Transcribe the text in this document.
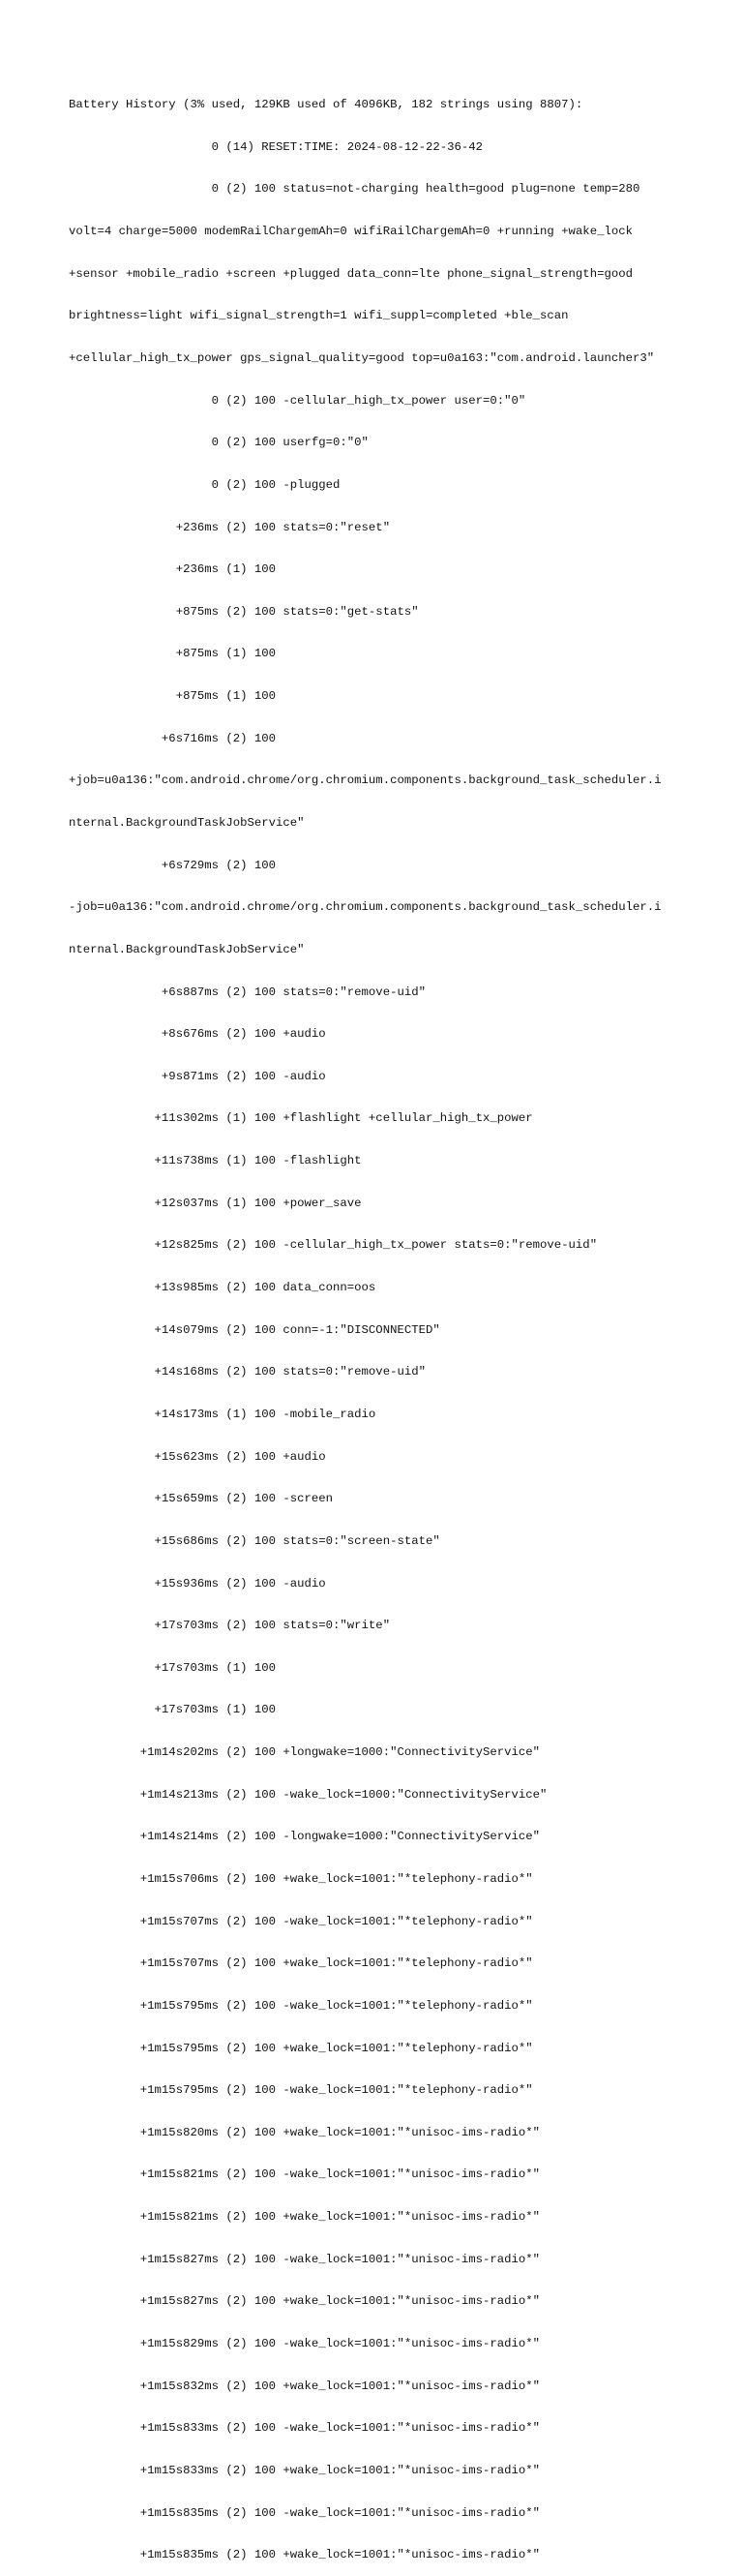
Battery History (3% used, 129KB used of 4096KB, 182 strings using 8807):

0 (14) RESET:TIME: 2024-08-12-22-36-42

0 (2) 100 status=not-charging health=good plug=none temp=280

volt=4 charge=5000 modemRailChargemAh=0 wifiRailChargemAh=0 +running +wake_lock

+sensor +mobile_radio +screen +plugged data_conn=lte phone_signal_strength=good

brightness=light wifi_signal_strength=1 wifi_suppl=completed +ble_scan

+cellular_high_tx_power gps_signal_quality=good top=u0a163:"com.android.launcher3"

0 (2) 100 -cellular_high_tx_power user=0:"0"

0 (2) 100 userfg=0:"0"

0 (2) 100 -plugged

+236ms (2) 100 stats=0:"reset"

+236ms (1) 100

+875ms (2) 100 stats=0:"get-stats"

+875ms (1) 100

+875ms (1) 100

+6s716ms (2) 100

+job=u0a136:"com.android.chrome/org.chromium.components.background_task_scheduler.i

nternal.BackgroundTaskJobService"

+6s729ms (2) 100

-job=u0a136:"com.android.chrome/org.chromium.components.background_task_scheduler.i

nternal.BackgroundTaskJobService"

+6s887ms (2) 100 stats=0:"remove-uid"

+8s676ms (2) 100 +audio

+9s871ms (2) 100 -audio

+11s302ms (1) 100 +flashlight +cellular_high_tx_power

+11s738ms (1) 100 -flashlight

+12s037ms (1) 100 +power_save

+12s825ms (2) 100 -cellular_high_tx_power stats=0:"remove-uid"

+13s985ms (2) 100 data_conn=oos

+14s079ms (2) 100 conn=-1:"DISCONNECTED"

+14s168ms (2) 100 stats=0:"remove-uid"

+14s173ms (1) 100 -mobile_radio

+15s623ms (2) 100 +audio

+15s659ms (2) 100 -screen

+15s686ms (2) 100 stats=0:"screen-state"

+15s936ms (2) 100 -audio

+17s703ms (2) 100 stats=0:"write"

+17s703ms (1) 100

+17s703ms (1) 100

+1m14s202ms (2) 100 +longwake=1000:"ConnectivityService"

+1m14s213ms (2) 100 -wake_lock=1000:"ConnectivityService"

+1m14s214ms (2) 100 -longwake=1000:"ConnectivityService"

+1m15s706ms (2) 100 +wake_lock=1001:"*telephony-radio*"

+1m15s707ms (2) 100 -wake_lock=1001:"*telephony-radio*"

+1m15s707ms (2) 100 +wake_lock=1001:"*telephony-radio*"

+1m15s795ms (2) 100 -wake_lock=1001:"*telephony-radio*"

+1m15s795ms (2) 100 +wake_lock=1001:"*telephony-radio*"

+1m15s795ms (2) 100 -wake_lock=1001:"*telephony-radio*"

+1m15s820ms (2) 100 +wake_lock=1001:"*unisoc-ims-radio*"

+1m15s821ms (2) 100 -wake_lock=1001:"*unisoc-ims-radio*"

+1m15s821ms (2) 100 +wake_lock=1001:"*unisoc-ims-radio*"

+1m15s827ms (2) 100 -wake_lock=1001:"*unisoc-ims-radio*"

+1m15s827ms (2) 100 +wake_lock=1001:"*unisoc-ims-radio*"

+1m15s829ms (2) 100 -wake_lock=1001:"*unisoc-ims-radio*"

+1m15s832ms (2) 100 +wake_lock=1001:"*unisoc-ims-radio*"

+1m15s833ms (2) 100 -wake_lock=1001:"*unisoc-ims-radio*"

+1m15s833ms (2) 100 +wake_lock=1001:"*unisoc-ims-radio*"

+1m15s835ms (2) 100 -wake_lock=1001:"*unisoc-ims-radio*"

+1m15s835ms (2) 100 +wake_lock=1001:"*unisoc-ims-radio*"
